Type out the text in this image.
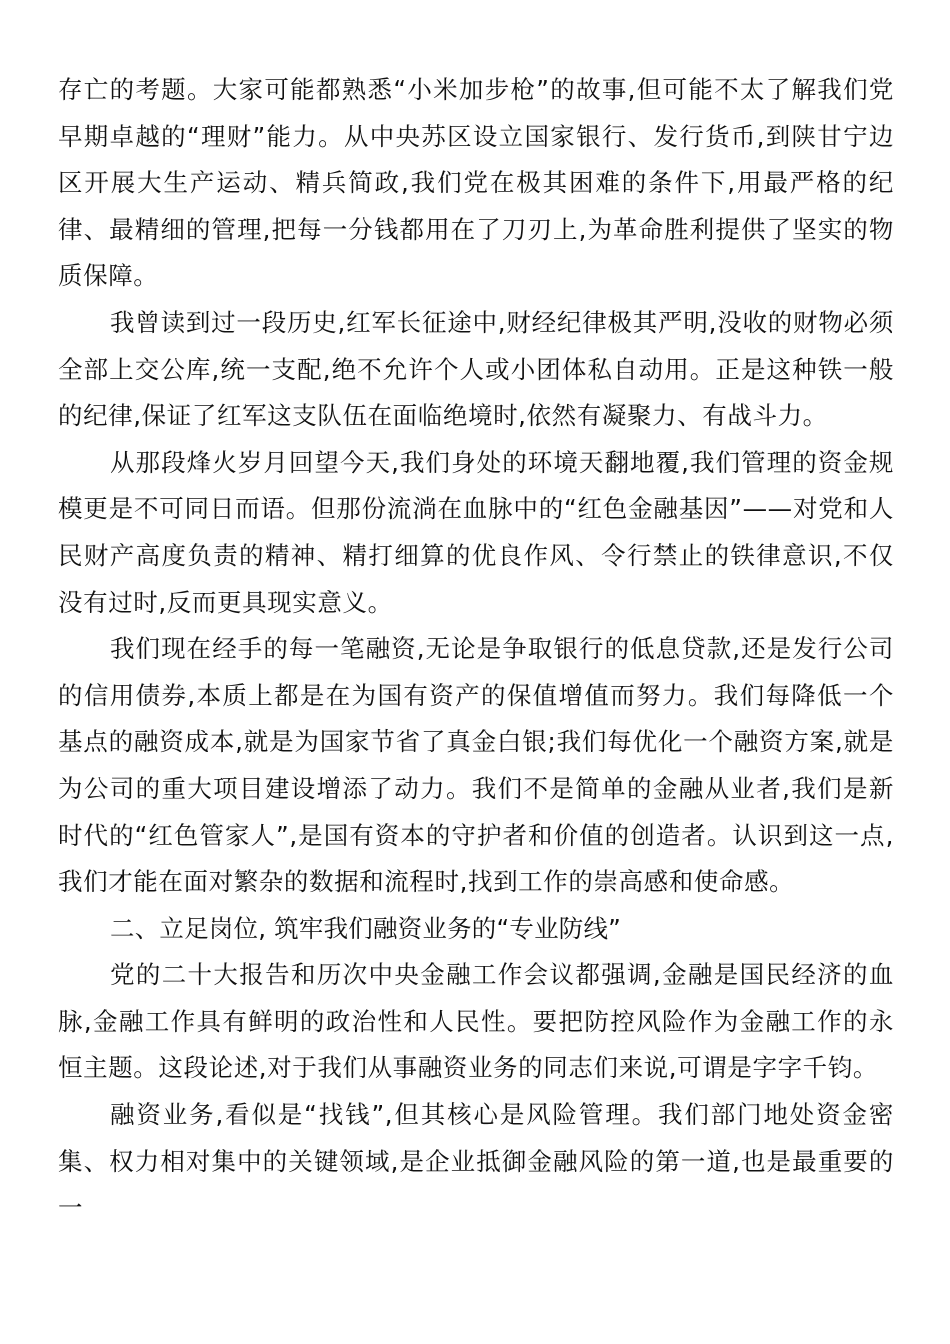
存亡的考题。大家可能都熟悉“小米加步枪”的故事,但可能不太了解我们党早期卓越的“理财”能力。从中央苏区设立国家银行、发行货币,到陕甘宁边区开展大生产运动、精兵简政,我们党在极其困难的条件下,用最严格的纪律、最精细的管理,把每一分钱都用在了刀刃上,为革命胜利提供了坚实的物质保障。

我曾读到过一段历史,红军长征途中,财经纪律极其严明,没收的财物必须全部上交公库,统一支配,绝不允许个人或小团体私自动用。正是这种铁一般的纪律,保证了红军这支队伍在面临绝境时,依然有凝聚力、有战斗力。

从那段烽火岁月回望今天,我们身处的环境天翻地覆,我们管理的资金规模更是不可同日而语。但那份流淌在血脉中的“红色金融基因”——对党和人民财产高度负责的精神、精打细算的优良作风、令行禁止的铁律意识,不仅没有过时,反而更具现实意义。

我们现在经手的每一笔融资,无论是争取银行的低息贷款,还是发行公司的信用债券,本质上都是在为国有资产的保值增值而努力。我们每降低一个基点的融资成本,就是为国家节省了真金白银;我们每优化一个融资方案,就是为公司的重大项目建设增添了动力。我们不是简单的金融从业者,我们是新时代的“红色管家人”,是国有资本的守护者和价值的创造者。认识到这一点,我们才能在面对繁杂的数据和流程时,找到工作的崇高感和使命感。

二、立足岗位, 筑牢我们融资业务的“专业防线”

党的二十大报告和历次中央金融工作会议都强调,金融是国民经济的血脉,金融工作具有鲜明的政治性和人民性。要把防控风险作为金融工作的永恒主题。这段论述,对于我们从事融资业务的同志们来说,可谓是字字千钧。

融资业务,看似是“找钱”,但其核心是风险管理。我们部门地处资金密集、权力相对集中的关键领域,是企业抵御金融风险的第一道,也是最重要的一
